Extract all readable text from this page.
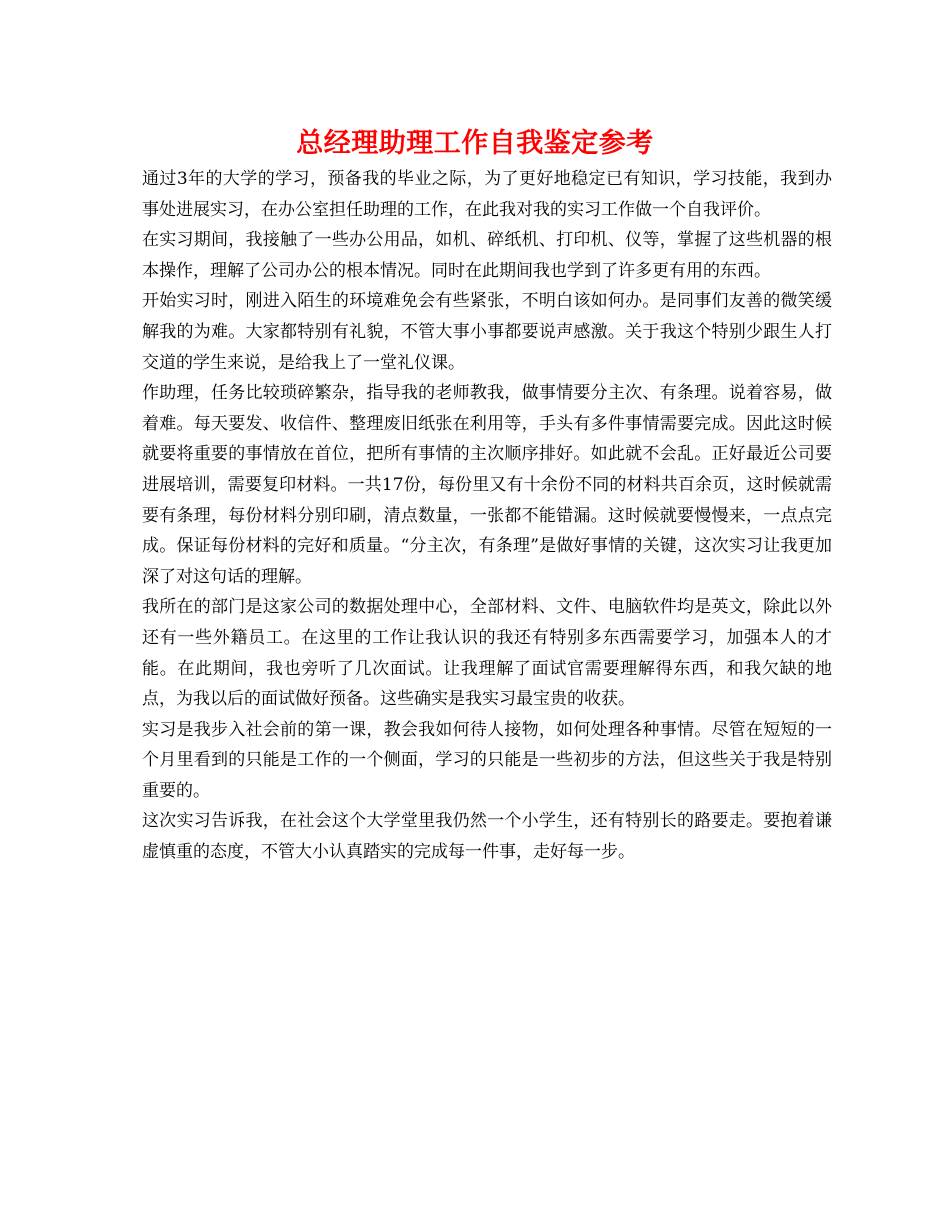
总经理助理工作自我鉴定参考

通过3年的大学的学习，预备我的毕业之际，为了更好地稳定已有知识，学习技能，我到办事处进展实习，在办公室担任助理的工作，在此我对我的实习工作做一个自我评价。

在实习期间，我接触了一些办公用品，如机、碎纸机、打印机、仪等，掌握了这些机器的根本操作，理解了公司办公的根本情况。同时在此期间我也学到了许多更有用的东西。

开始实习时，刚进入陌生的环境难免会有些紧张，不明白该如何办。是同事们友善的微笑缓解我的为难。大家都特别有礼貌，不管大事小事都要说声感激。关于我这个特别少跟生人打交道的学生来说，是给我上了一堂礼仪课。

作助理，任务比较琐碎繁杂，指导我的老师教我，做事情要分主次、有条理。说着容易，做着难。每天要发、收信件、整理废旧纸张在利用等，手头有多件事情需要完成。因此这时候就要将重要的事情放在首位，把所有事情的主次顺序排好。如此就不会乱。正好最近公司要进展培训，需要复印材料。一共17份，每份里又有十余份不同的材料共百余页，这时候就需要有条理，每份材料分别印刷，清点数量，一张都不能错漏。这时候就要慢慢来，一点点完成。保证每份材料的完好和质量。“分主次，有条理”是做好事情的关键，这次实习让我更加深了对这句话的理解。

我所在的部门是这家公司的数据处理中心，全部材料、文件、电脑软件均是英文，除此以外还有一些外籍员工。在这里的工作让我认识的我还有特别多东西需要学习，加强本人的才能。在此期间，我也旁听了几次面试。让我理解了面试官需要理解得东西，和我欠缺的地点，为我以后的面试做好预备。这些确实是我实习最宝贵的收获。

实习是我步入社会前的第一课，教会我如何待人接物，如何处理各种事情。尽管在短短的一个月里看到的只能是工作的一个侧面，学习的只能是一些初步的方法，但这些关于我是特别重要的。

这次实习告诉我，在社会这个大学堂里我仍然一个小学生，还有特别长的路要走。要抱着谦虚慎重的态度，不管大小认真踏实的完成每一件事，走好每一步。
